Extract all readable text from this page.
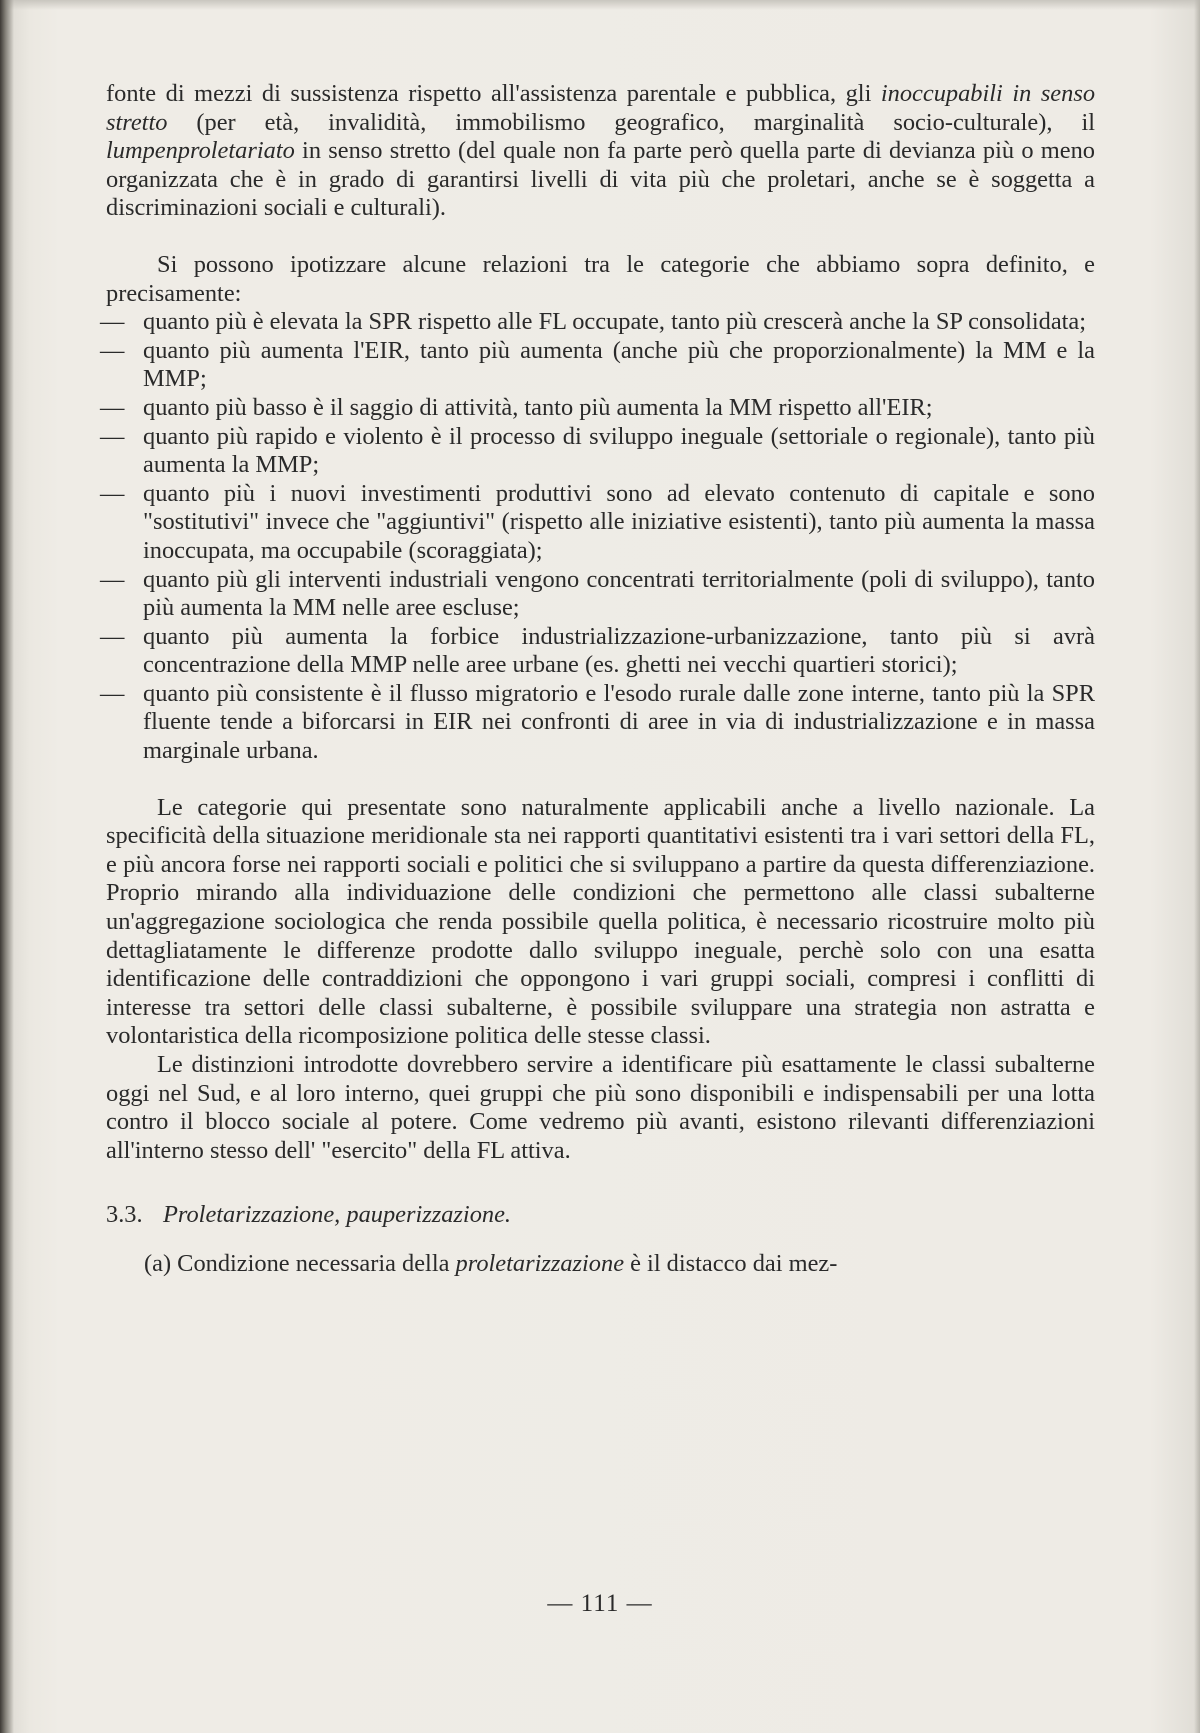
fonte di mezzi di sussistenza rispetto all'assistenza parentale e pubblica, gli inoccupabili in senso stretto (per età, invalidità, immobilismo geografico, marginalità socio-culturale), il lumpenproletariato in senso stretto (del quale non fa parte però quella parte di devianza più o meno organizzata che è in grado di garantirsi livelli di vita più che proletari, anche se è soggetta a discriminazioni sociali e culturali).

Si possono ipotizzare alcune relazioni tra le categorie che abbiamo sopra definito, e precisamente:

— quanto più è elevata la SPR rispetto alle FL occupate, tanto più crescerà anche la SP consolidata;
— quanto più aumenta l'EIR, tanto più aumenta (anche più che proporzionalmente) la MM e la MMP;
— quanto più basso è il saggio di attività, tanto più aumenta la MM rispetto all'EIR;
— quanto più rapido e violento è il processo di sviluppo ineguale (settoriale o regionale), tanto più aumenta la MMP;
— quanto più i nuovi investimenti produttivi sono ad elevato contenuto di capitale e sono "sostitutivi" invece che "aggiuntivi" (rispetto alle iniziative esistenti), tanto più aumenta la massa inoccupata, ma occupabile (scoraggiata);
— quanto più gli interventi industriali vengono concentrati territorialmente (poli di sviluppo), tanto più aumenta la MM nelle aree escluse;
— quanto più aumenta la forbice industrializzazione-urbanizzazione, tanto più si avrà concentrazione della MMP nelle aree urbane (es. ghetti nei vecchi quartieri storici);
— quanto più consistente è il flusso migratorio e l'esodo rurale dalle zone interne, tanto più la SPR fluente tende a biforcarsi in EIR nei confronti di aree in via di industrializzazione e in massa marginale urbana.

Le categorie qui presentate sono naturalmente applicabili anche a livello nazionale. La specificità della situazione meridionale sta nei rapporti quantitativi esistenti tra i vari settori della FL, e più ancora forse nei rapporti sociali e politici che si sviluppano a partire da questa differenziazione. Proprio mirando alla individuazione delle condizioni che permettono alle classi subalterne un'aggregazione sociologica che renda possibile quella politica, è necessario ricostruire molto più dettagliatamente le differenze prodotte dallo sviluppo ineguale, perchè solo con una esatta identificazione delle contraddizioni che oppongono i vari gruppi sociali, compresi i conflitti di interesse tra settori delle classi subalterne, è possibile sviluppare una strategia non astratta e volontaristica della ricomposizione politica delle stesse classi.

Le distinzioni introdotte dovrebbero servire a identificare più esattamente le classi subalterne oggi nel Sud, e al loro interno, quei gruppi che più sono disponibili e indispensabili per una lotta contro il blocco sociale al potere. Come vedremo più avanti, esistono rilevanti differenziazioni all'interno stesso dell' "esercito" della FL attiva.

3.3. Proletarizzazione, pauperizzazione.

(a) Condizione necessaria della proletarizzazione è il distacco dai mez-

— 111 —
